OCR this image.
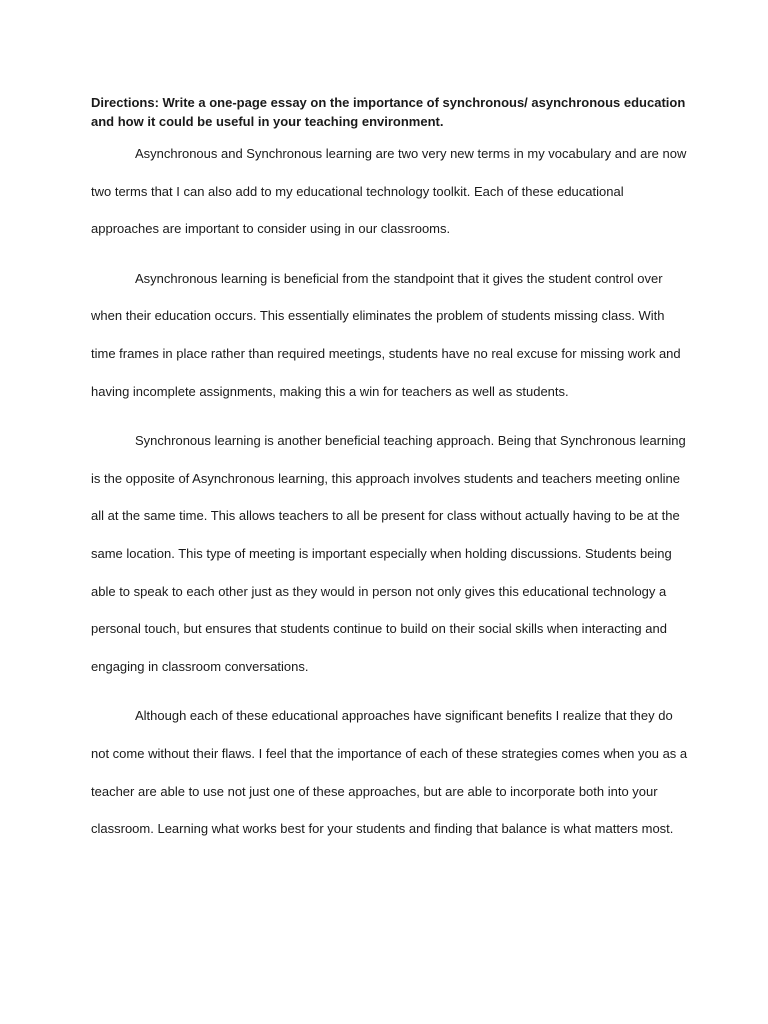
Directions: Write a one-page essay on the importance of synchronous/ asynchronous education and how it could be useful in your teaching environment.

Asynchronous and Synchronous learning are two very new terms in my vocabulary and are now two terms that I can also add to my educational technology toolkit. Each of these educational approaches are important to consider using in our classrooms.

Asynchronous learning is beneficial from the standpoint that it gives the student control over when their education occurs. This essentially eliminates the problem of students missing class. With time frames in place rather than required meetings, students have no real excuse for missing work and having incomplete assignments, making this a win for teachers as well as students.

Synchronous learning is another beneficial teaching approach. Being that Synchronous learning is the opposite of Asynchronous learning, this approach involves students and teachers meeting online all at the same time. This allows teachers to all be present for class without actually having to be at the same location. This type of meeting is important especially when holding discussions. Students being able to speak to each other just as they would in person not only gives this educational technology a personal touch, but ensures that students continue to build on their social skills when interacting and engaging in classroom conversations.

Although each of these educational approaches have significant benefits I realize that they do not come without their flaws. I feel that the importance of each of these strategies comes when you as a teacher are able to use not just one of these approaches, but are able to incorporate both into your classroom. Learning what works best for your students and finding that balance is what matters most.
